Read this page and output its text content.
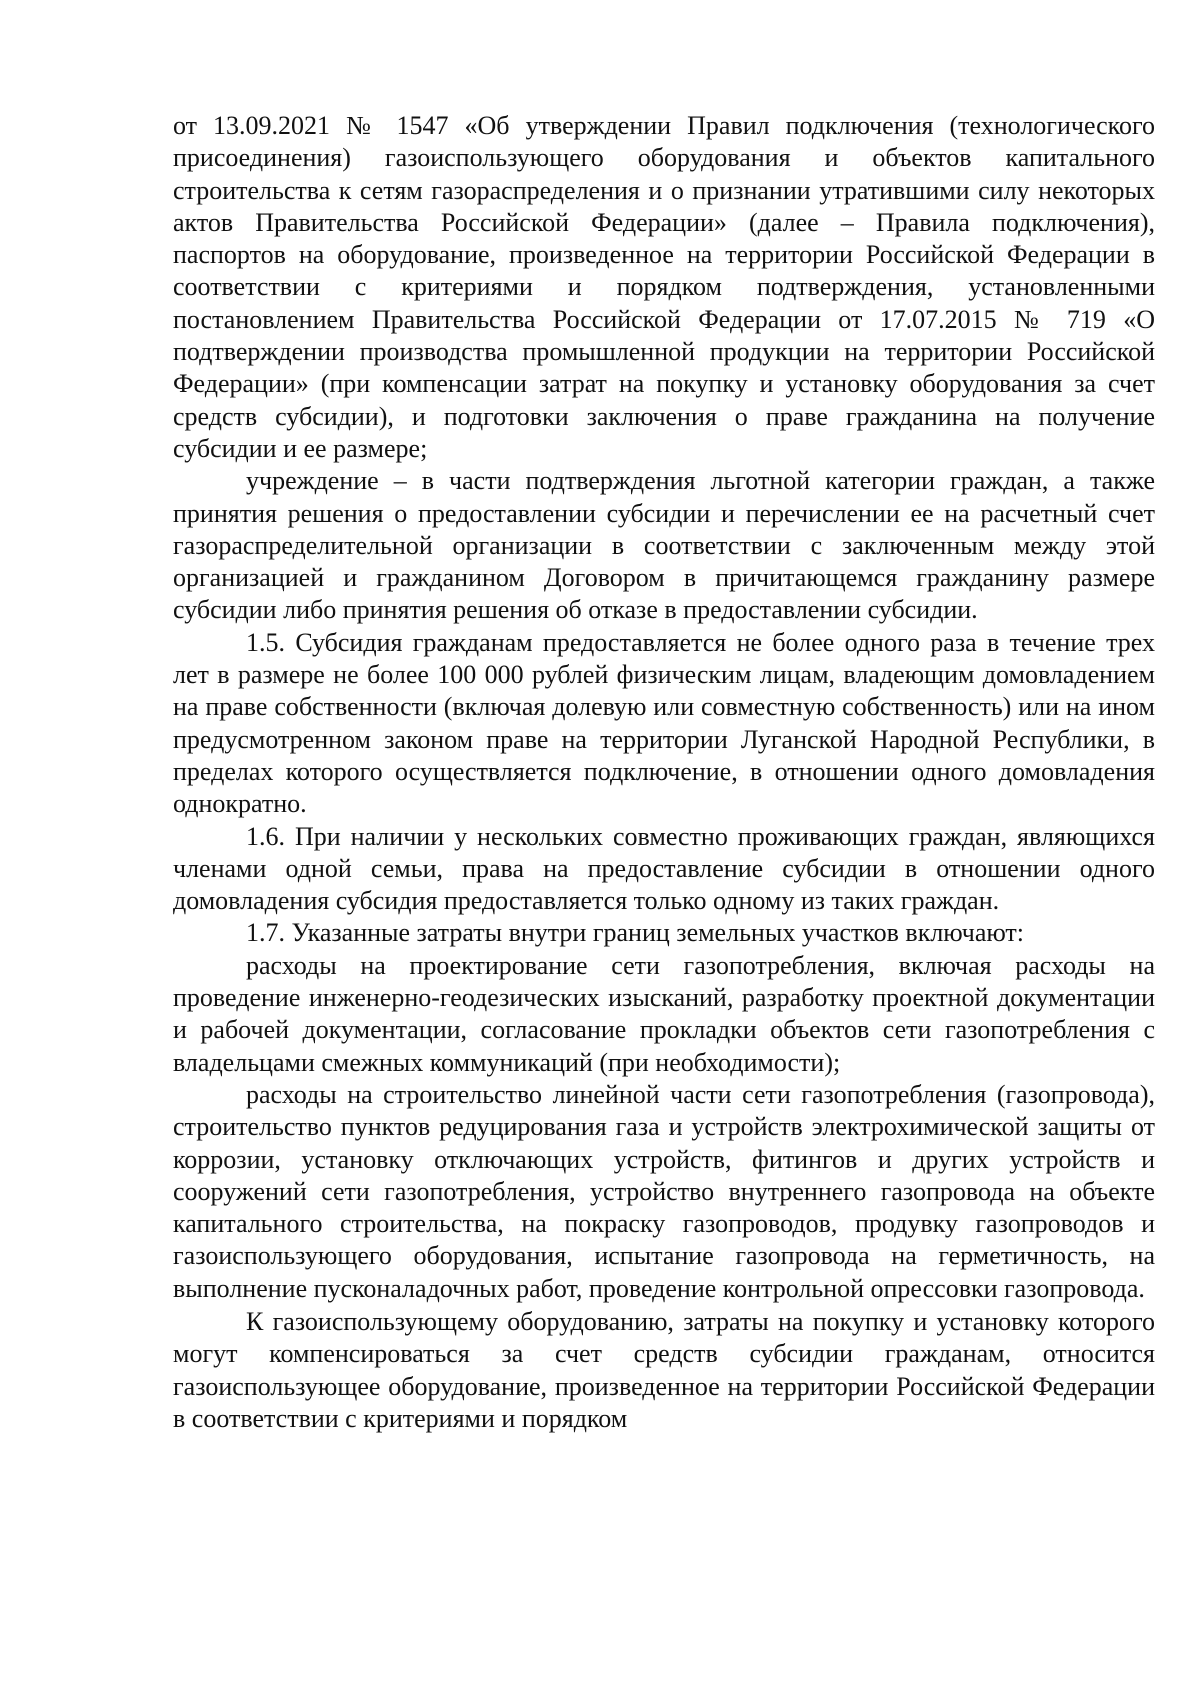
от 13.09.2021 № 1547 «Об утверждении Правил подключения (технологического присоединения) газоиспользующего оборудования и объектов капитального строительства к сетям газораспределения и о признании утратившими силу некоторых актов Правительства Российской Федерации» (далее – Правила подключения), паспортов на оборудование, произведенное на территории Российской Федерации в соответствии с критериями и порядком подтверждения, установленными постановлением Правительства Российской Федерации от 17.07.2015 № 719 «О подтверждении производства промышленной продукции на территории Российской Федерации» (при компенсации затрат на покупку и установку оборудования за счет средств субсидии), и подготовки заключения о праве гражданина на получение субсидии и ее размере;

учреждение – в части подтверждения льготной категории граждан, а также принятия решения о предоставлении субсидии и перечислении ее на расчетный счет газораспределительной организации в соответствии с заключенным между этой организацией и гражданином Договором в причитающемся гражданину размере субсидии либо принятия решения об отказе в предоставлении субсидии.

1.5. Субсидия гражданам предоставляется не более одного раза в течение трех лет в размере не более 100 000 рублей физическим лицам, владеющим домовладением на праве собственности (включая долевую или совместную собственность) или на ином предусмотренном законом праве на территории Луганской Народной Республики, в пределах которого осуществляется подключение, в отношении одного домовладения однократно.

1.6. При наличии у нескольких совместно проживающих граждан, являющихся членами одной семьи, права на предоставление субсидии в отношении одного домовладения субсидия предоставляется только одному из таких граждан.

1.7. Указанные затраты внутри границ земельных участков включают:

расходы на проектирование сети газопотребления, включая расходы на проведение инженерно-геодезических изысканий, разработку проектной документации и рабочей документации, согласование прокладки объектов сети газопотребления с владельцами смежных коммуникаций (при необходимости);

расходы на строительство линейной части сети газопотребления (газопровода), строительство пунктов редуцирования газа и устройств электрохимической защиты от коррозии, установку отключающих устройств, фитингов и других устройств и сооружений сети газопотребления, устройство внутреннего газопровода на объекте капитального строительства, на покраску газопроводов, продувку газопроводов и газоиспользующего оборудования, испытание газопровода на герметичность, на выполнение пусконаладочных работ, проведение контрольной опрессовки газопровода.

К газоиспользующему оборудованию, затраты на покупку и установку которого могут компенсироваться за счет средств субсидии гражданам, относится газоиспользующее оборудование, произведенное на территории Российской Федерации в соответствии с критериями и порядком
